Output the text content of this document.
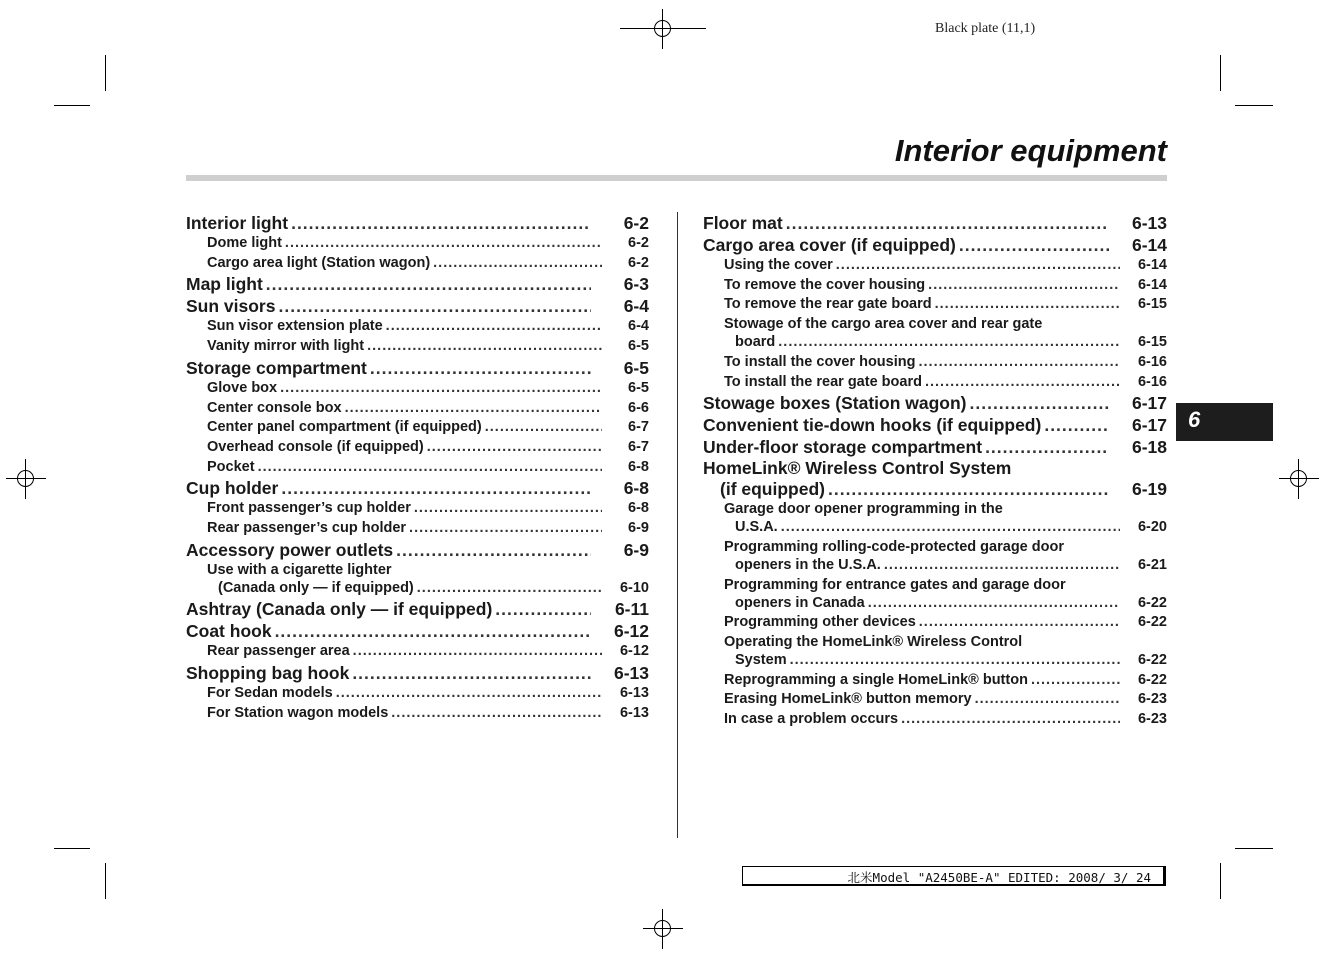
Black plate (11,1)
Interior equipment
Interior light .....	6-2
Dome light .....	6-2
Cargo area light (Station wagon) .....	6-2
Map light .....	6-3
Sun visors .....	6-4
Sun visor extension plate .....	6-4
Vanity mirror with light .....	6-5
Storage compartment .....	6-5
Glove box .....	6-5
Center console box .....	6-6
Center panel compartment (if equipped) .....	6-7
Overhead console (if equipped) .....	6-7
Pocket .....	6-8
Cup holder .....	6-8
Front passenger’s cup holder .....	6-8
Rear passenger’s cup holder .....	6-9
Accessory power outlets .....	6-9
Use with a cigarette lighter
(Canada only — if equipped) .....	6-10
Ashtray (Canada only — if equipped) .....	6-11
Coat hook .....	6-12
Rear passenger area .....	6-12
Shopping bag hook .....	6-13
For Sedan models .....	6-13
For Station wagon models .....	6-13
Floor mat .....	6-13
Cargo area cover (if equipped) .....	6-14
Using the cover .....	6-14
To remove the cover housing .....	6-14
To remove the rear gate board .....	6-15
Stowage of the cargo area cover and rear gate
board .....	6-15
To install the cover housing .....	6-16
To install the rear gate board .....	6-16
Stowage boxes (Station wagon) .....	6-17
Convenient tie-down hooks (if equipped) .....	6-17
Under-floor storage compartment .....	6-18
HomeLink® Wireless Control System
(if equipped) .....	6-19
Garage door opener programming in the
U.S.A. .....	6-20
Programming rolling-code-protected garage door
openers in the U.S.A. .....	6-21
Programming for entrance gates and garage door
openers in Canada .....	6-22
Programming other devices .....	6-22
Operating the HomeLink® Wireless Control
System .....	6-22
Reprogramming a single HomeLink® button .....	6-22
Erasing HomeLink® button memory .....	6-23
In case a problem occurs .....	6-23
6
北米Model "A2450BE-A" EDITED: 2008/ 3/ 24
